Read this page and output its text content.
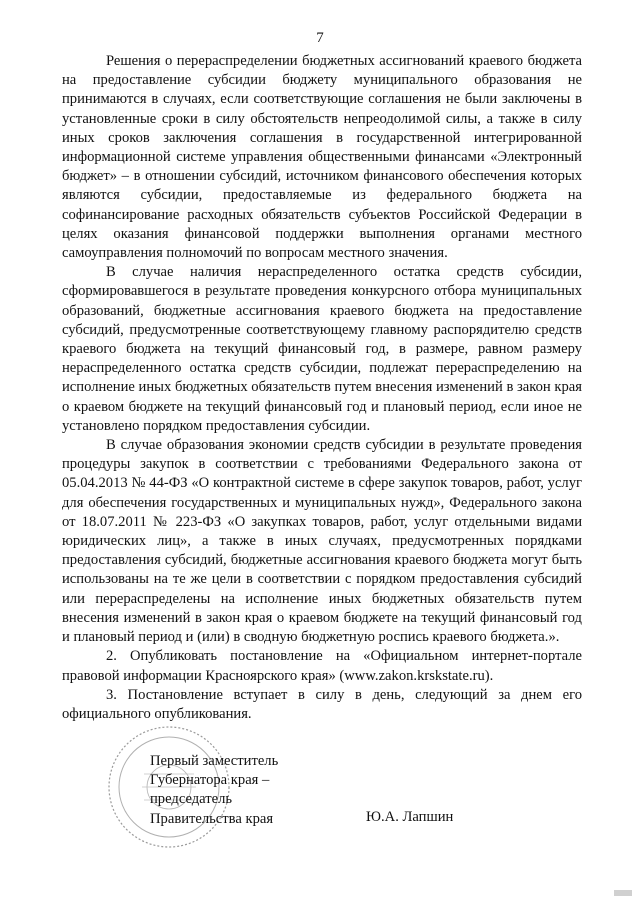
7

Решения о перераспределении бюджетных ассигнований краевого бюджета на предоставление субсидии бюджету муниципального образования не принимаются в случаях, если соответствующие соглашения не были заключены в установленные сроки в силу обстоятельств непреодолимой силы, а также в силу иных сроков заключения соглашения в государственной интегрированной информационной системе управления общественными финансами «Электронный бюджет» – в отношении субсидий, источником финансового обеспечения которых являются субсидии, предоставляемые из федерального бюджета на софинансирование расходных обязательств субъектов Российской Федерации в целях оказания финансовой поддержки выполнения органами местного самоуправления полномочий по вопросам местного значения.

В случае наличия нераспределенного остатка средств субсидии, сформировавшегося в результате проведения конкурсного отбора муниципальных образований, бюджетные ассигнования краевого бюджета на предоставление субсидий, предусмотренные соответствующему главному распорядителю средств краевого бюджета на текущий финансовый год, в размере, равном размеру нераспределенного остатка средств субсидии, подлежат перераспределению на исполнение иных бюджетных обязательств путем внесения изменений в закон края о краевом бюджете на текущий финансовый год и плановый период, если иное не установлено порядком предоставления субсидии.

В случае образования экономии средств субсидии в результате проведения процедуры закупок в соответствии с требованиями Федерального закона от 05.04.2013 № 44-ФЗ «О контрактной системе в сфере закупок товаров, работ, услуг для обеспечения государственных и муниципальных нужд», Федерального закона от 18.07.2011 № 223-ФЗ «О закупках товаров, работ, услуг отдельными видами юридических лиц», а также в иных случаях, предусмотренных порядками предоставления субсидий, бюджетные ассигнования краевого бюджета могут быть использованы на те же цели в соответствии с порядком предоставления субсидий или перераспределены на исполнение иных бюджетных обязательств путем внесения изменений в закон края о краевом бюджете на текущий финансовый год и плановый период и (или) в сводную бюджетную роспись краевого бюджета.».

2. Опубликовать постановление на «Официальном интернет-портале правовой информации Красноярского края» (www.zakon.krskstate.ru).

3. Постановление вступает в силу в день, следующий за днем его официального опубликования.

Первый заместитель
Губернатора края –
председатель
Правительства края	Ю.А. Лапшин
